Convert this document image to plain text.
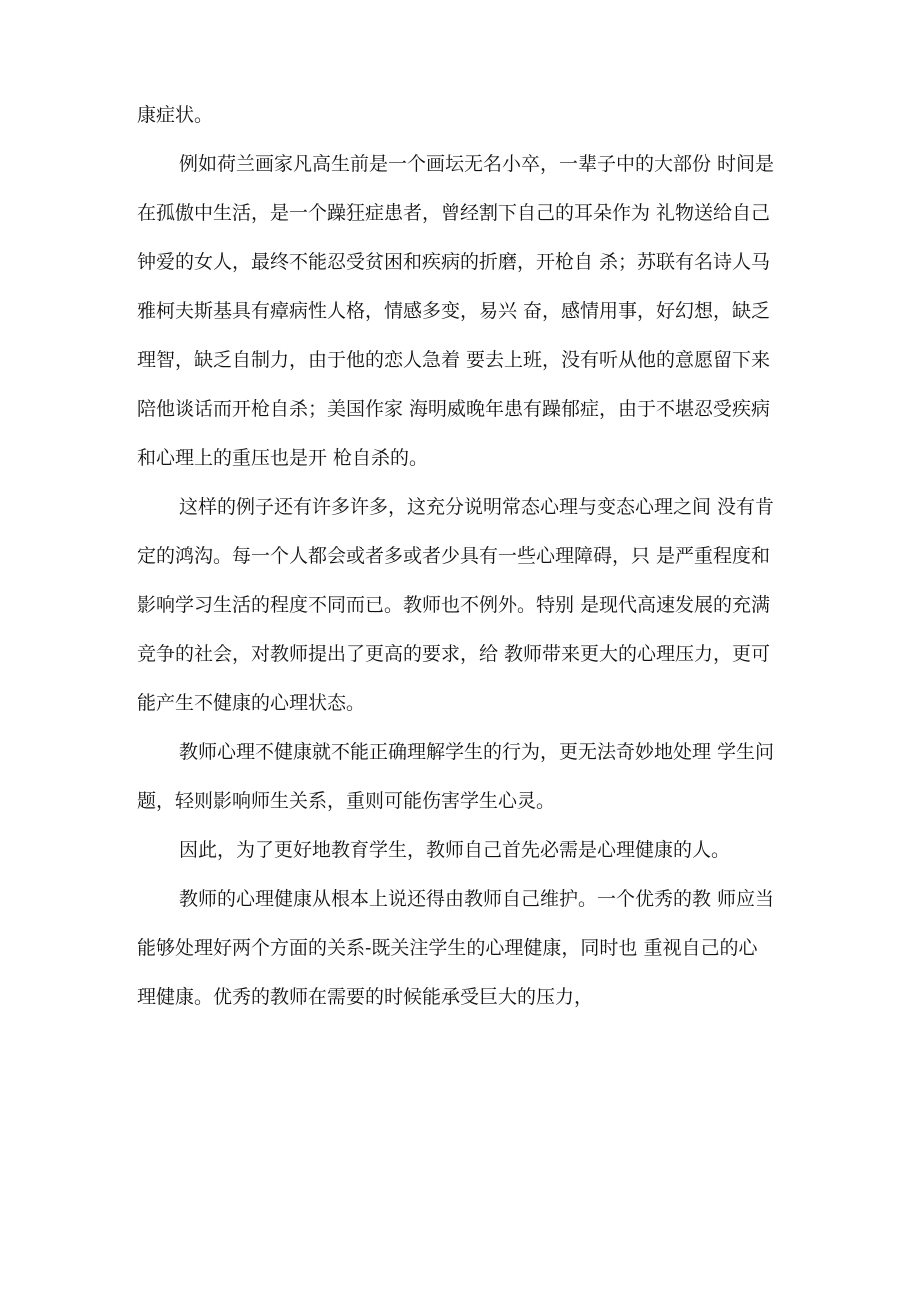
康症状。

例如荷兰画家凡高生前是一个画坛无名小卒，一辈子中的大部份 时间是

在孤傲中生活，是一个躁狂症患者，曾经割下自己的耳朵作为 礼物送给自己

钟爱的女人，最终不能忍受贫困和疾病的折磨，开枪自 杀；苏联有名诗人马

雅柯夫斯基具有瘴病性人格，情感多变，易兴 奋，感情用事，好幻想，缺乏

理智，缺乏自制力，由于他的恋人急着 要去上班，没有听从他的意愿留下来

陪他谈话而开枪自杀；美国作家 海明威晚年患有躁郁症，由于不堪忍受疾病

和心理上的重压也是开 枪自杀的。

这样的例子还有许多许多，这充分说明常态心理与变态心理之间 没有肯

定的鸿沟。每一个人都会或者多或者少具有一些心理障碍，只 是严重程度和

影响学习生活的程度不同而已。教师也不例外。特别 是现代高速发展的充满

竞争的社会，对教师提出了更高的要求，给 教师带来更大的心理压力，更可

能产生不健康的心理状态。

教师心理不健康就不能正确理解学生的行为，更无法奇妙地处理 学生问

题，轻则影响师生关系，重则可能伤害学生心灵。

因此，为了更好地教育学生，教师自己首先必需是心理健康的人。

教师的心理健康从根本上说还得由教师自己维护。一个优秀的教 师应当

能够处理好两个方面的关系-既关注学生的心理健康，同时也 重视自己的心

理健康。优秀的教师在需要的时候能承受巨大的压力，
